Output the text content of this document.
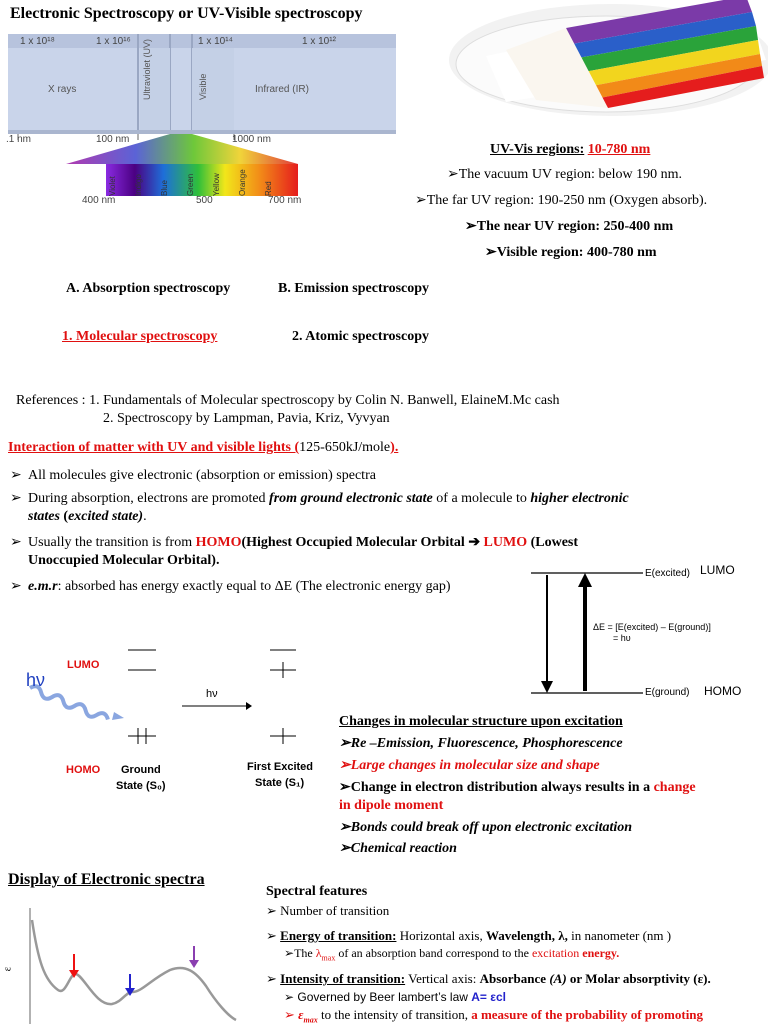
Electronic Spectroscopy or UV-Visible spectroscopy
1 x 10¹⁸	1 x 10¹⁶	1 x 10¹⁴	1 x 10¹²
X rays	Ultraviolet (UV)	Visible	Infrared (IR)
.1 nm	100 nm	1000 nm
Violet Indigo Blue Green Yellow Orange Red
400 nm	500	700 nm
UV-Vis regions: 10-780 nm
➢The vacuum UV region: below 190 nm.
➢The far UV region: 190-250 nm (Oxygen absorb).
➢The near UV region: 250-400 nm
➢Visible region: 400-780 nm
A. Absorption spectroscopy	B. Emission spectroscopy
1. Molecular spectroscopy	2. Atomic spectroscopy
References : 1. Fundamentals of Molecular spectroscopy by Colin N. Banwell, ElaineM.Mc cash
2. Spectroscopy by Lampman, Pavia, Kriz, Vyvyan
Interaction of matter with UV and visible lights (125-650kJ/mole).
➢ All molecules give electronic (absorption or emission) spectra
➢ During absorption, electrons are promoted from ground electronic state of a molecule to higher electronic
states (excited state).
➢ Usually the transition is from HOMO(Highest Occupied Molecular Orbital ➔ LUMO (Lowest
Unoccupied Molecular Orbital).
➢ e.m.r: absorbed has energy exactly equal to ΔE (The electronic energy gap)
E(excited)
E(ground)
LUMO
HOMO
ΔE = [E(excited) – E(ground)]
= hυ
hν
hν
LUMO
HOMO Ground
State (S₀)
First Excited
State (S₁)
Changes in molecular structure upon excitation
➢Re –Emission, Fluorescence, Phosphorescence
➢Large changes in molecular size and shape
➢Change in electron distribution always results in a change
in dipole moment
➢Bonds could break off upon electronic excitation
➢Chemical reaction
Display of Electronic spectra
ε
Spectral features
➢ Number of transition
➢ Energy of transition: Horizontal axis, Wavelength, λ, in nanometer (nm )
➢The $\lambda_{max}$ of an absorption band correspond to the excitation energy.
➢ Intensity of transition: Vertical axis: Absorbance (A) or Molar absorptivity (ε).
➢ Governed by Beer lambert’s law A= εcl
➢ $\varepsilon_{max}$ to the intensity of transition, a measure of the probability of promoting
